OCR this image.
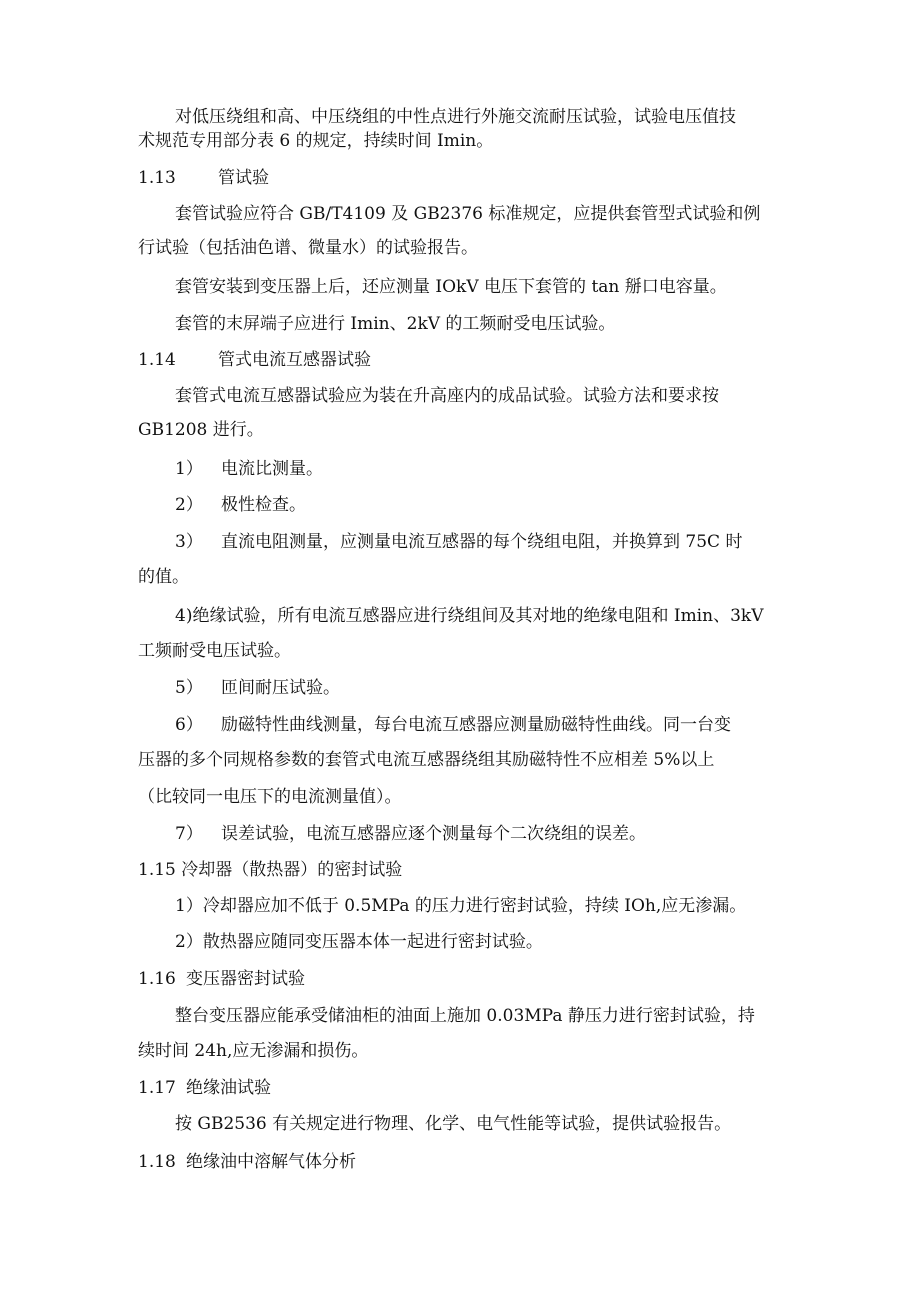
对低压绕组和高、中压绕组的中性点进行外施交流耐压试验，试验电压值技
术规范专用部分表 6 的规定，持续时间 Imin。
1.13 管试验
套管试验应符合 GB/T4109 及 GB2376 标准规定，应提供套管型式试验和例
行试验（包括油色谱、微量水）的试验报告。
套管安装到变压器上后，还应测量 IOkV 电压下套管的 tan 掰口电容量。
套管的末屏端子应进行 Imin、2kV 的工频耐受电压试验。
1.14 管式电流互感器试验
套管式电流互感器试验应为装在升高座内的成品试验。试验方法和要求按
GB1208 进行。
1） 电流比测量。
2） 极性检查。
3） 直流电阻测量，应测量电流互感器的每个绕组电阻，并换算到 75C 时
的值。
4)绝缘试验，所有电流互感器应进行绕组间及其对地的绝缘电阻和 Imin、3kV
工频耐受电压试验。
5） 匝间耐压试验。
6） 励磁特性曲线测量，每台电流互感器应测量励磁特性曲线。同一台变
压器的多个同规格参数的套管式电流互感器绕组其励磁特性不应相差 5%以上
（比较同一电压下的电流测量值）。
7） 误差试验，电流互感器应逐个测量每个二次绕组的误差。
1.15 冷却器（散热器）的密封试验
1）冷却器应加不低于 0.5MPa 的压力进行密封试验，持续 IOh,应无渗漏。
2）散热器应随同变压器本体一起进行密封试验。
1.16 变压器密封试验
整台变压器应能承受储油柜的油面上施加 0.03MPa 静压力进行密封试验，持
续时间 24h,应无渗漏和损伤。
1.17 绝缘油试验
按 GB2536 有关规定进行物理、化学、电气性能等试验，提供试验报告。
1.18 绝缘油中溶解气体分析
